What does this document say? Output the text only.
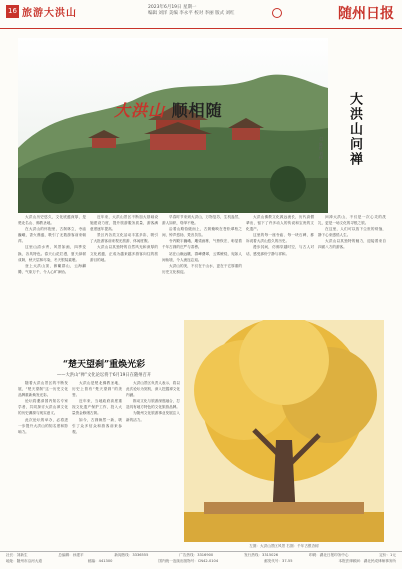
16 旅游大洪山
2023年6月19日 星期一
编辑 刘洋 美编 李永平 校对 李丽 版式 刘红	随州日报
大洪山 顺相随	大洪山问禅
□ 陈红 刘伟

大洪山历史悠久，文化底蕴深厚，是楚北名山、佛教圣地。

在大洪山的怀抱里，古刹林立，寺庙巍峨，香火鼎盛，吸引了无数游客前来朝拜。

这里山清水秀，风景如画，四季变换，各具特色。春天山花烂漫，夏天绿树成荫，秋天层林尽染，冬天银装素裹。

登上大洪山顶，俯瞰群山，云海翻腾，气象万千，令人心旷神怡。

近年来，大洪山景区不断加大基础设施建设力度，提升旅游服务质量，游客满意度逐年提高。

景区内各类文化活动丰富多彩，吸引了大批游客前来观光旅游、休闲度假。

大洪山以其独特的自然风光和深厚的文化底蕴，正成为越来越多游客向往的旅游目的地。

早春时节来到大洪山，万物复苏，生机盎然，游人如织，络绎不绝。

沿着山路拾级而上，古刹掩映在苍松翠柏之间，钟声悠扬，梵音袅袅。

寺内殿宇巍峨，雕梁画栋，气势恢宏，彰显着千年古刹的庄严与肃穆。

站在山巅远眺，群峰叠翠，云雾缭绕，宛如人间仙境，令人流连忘返。

大洪山的美，不仅在于山水，更在于它厚重的历史文化积淀。

大洪山佛教文化源远流长，历代高僧辈出，留下了许多动人的传说和宝贵的文化遗产。

这里的每一座寺庙、每一块石碑，都诉说着大洪山悠久的历史。

漫步其间，仿佛穿越时空，与古人对话，感受那份宁静与祥和。

问禅大洪山，不仅是一次心灵的洗礼，更是一场文化的寻根之旅。

在这里，人们可以放下尘世的烦恼，静下心来感悟人生。

大洪山以其独特的魅力，迎接着来自四面八方的游客。

“楚天望刹”重焕光彩
——大洪山“禅”文化论坛将于6月19日在随州召开

随着大洪山景区的不断发展，“楚天望刹”这一历史文化品牌重新焕发光彩。

论坛将邀请国内知名专家学者，共同探讨大洪山禅文化的历史渊源与现实意义。

此次论坛的举办，必将进一步提升大洪山的知名度和影响力。

大洪山是楚北佛教圣地，历史上曾有“楚天望刹”的美誉。

近年来，当地政府高度重视文化遗产保护工作，投入大量资金修缮古刹。

如今，古刹焕然一新，吸引了众多信众和游客前来参观。

大洪山景区负责人表示，将以此次论坛为契机，深入挖掘禅文化内涵。

推动文化与旅游深度融合，打造具有地方特色的文化旅游品牌。

为随州文化旅游事业发展注入新的活力。

左图：大洪山景区风景 右图：千年古银杏树
社长：刘新生	总编辑：孙建平	新闻热线：3336555	广告热线：3316900	发行热线：3315026	印刷：湖北日报印务中心	定价：1元
地址：随州市沿河大道	邮编：441300	国内统一连续出版物号：CN42-0104	邮发代号：37-55	本报法律顾问：湖北民成律师事务所
